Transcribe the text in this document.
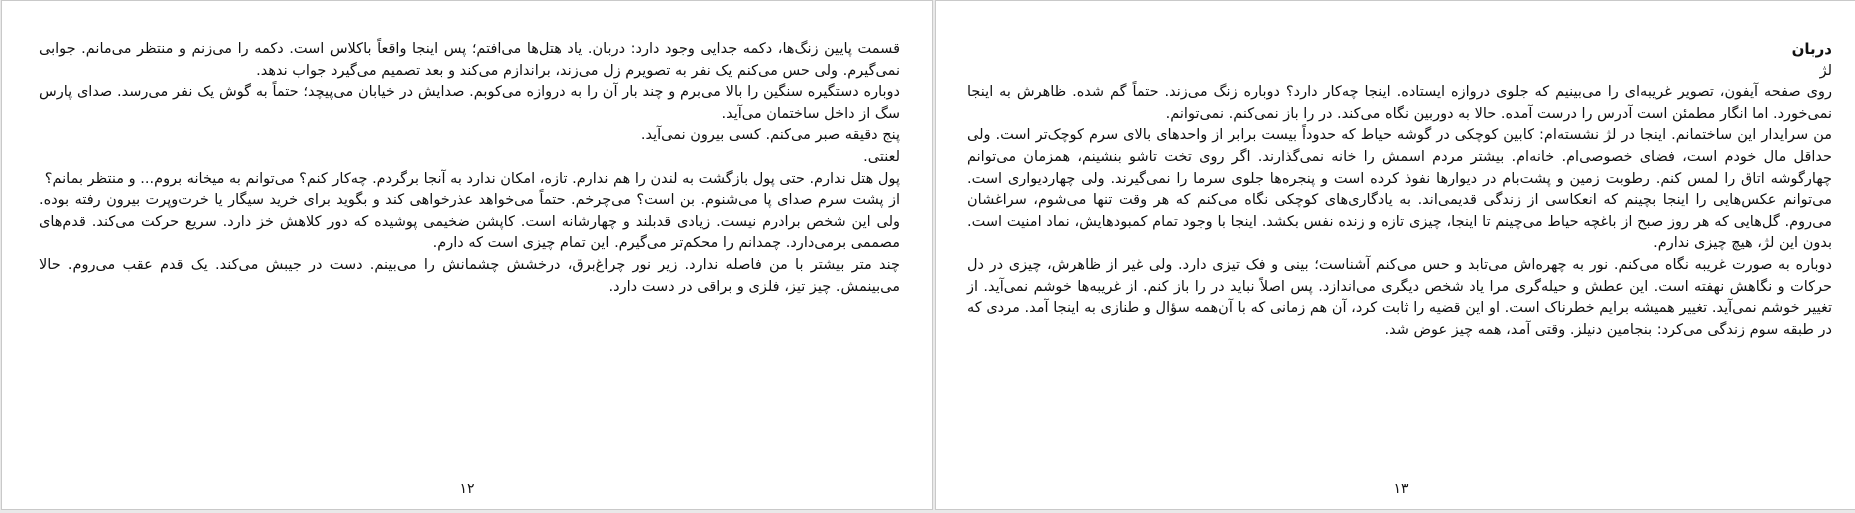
قسمت پایین زنگ‌ها، دکمه جدایی وجود دارد: دربان. یاد هتل‌ها می‌افتم؛ پس اینجا واقعاً باکلاس است. دکمه را می‌زنم و منتظر می‌مانم. جوابی نمی‌گیرم. ولی حس می‌کنم یک نفر به تصویرم زل می‌زند، براندازم می‌کند و بعد تصمیم می‌گیرد جواب ندهد.

دوباره دستگیره سنگین را بالا می‌برم و چند بار آن را به دروازه می‌کوبم. صدایش در خیابان می‌پیچد؛ حتماً به گوش یک نفر می‌رسد. صدای پارس سگ از داخل ساختمان می‌آید.

پنج دقیقه صبر می‌کنم. کسی بیرون نمی‌آید.

لعنتی.

پول هتل ندارم. حتی پول بازگشت به لندن را هم ندارم. تازه، امکان ندارد به آنجا برگردم. چه‌کار کنم؟ می‌توانم به میخانه بروم... و منتظر بمانم؟

از پشت سرم صدای پا می‌شنوم. بن است؟ می‌چرخم. حتماً می‌خواهد عذرخواهی کند و بگوید برای خرید سیگار یا خرت‌وپرت بیرون رفته بوده. ولی این شخص برادرم نیست. زیادی قدبلند و چهارشانه است. کاپشن ضخیمی پوشیده که دور کلاهش خز دارد. سریع حرکت می‌کند. قدم‌های مصممی برمی‌دارد. چمدانم را محکم‌تر می‌گیرم. این تمام چیزی است که دارم.

چند متر بیشتر با من فاصله ندارد. زیر نور چراغ‌برق، درخشش چشمانش را می‌بینم. دست در جیبش می‌کند. یک قدم عقب می‌روم. حالا می‌بینمش. چیز تیز، فلزی و براقی در دست دارد.

۱۲

دربان

لژ

روی صفحه آیفون، تصویر غریبه‌ای را می‌بینیم که جلوی دروازه ایستاده. اینجا چه‌کار دارد؟ دوباره زنگ می‌زند. حتماً گم شده. ظاهرش به اینجا نمی‌خورد. اما انگار مطمئن است آدرس را درست آمده. حالا به دوربین نگاه می‌کند. در را باز نمی‌کنم. نمی‌توانم.

من سرایدار این ساختمانم. اینجا در لژ نشسته‌ام: کابین کوچکی در گوشه حیاط که حدوداً بیست برابر از واحدهای بالای سرم کوچک‌تر است. ولی حداقل مال خودم است، فضای خصوصی‌ام. خانه‌ام. بیشتر مردم اسمش را خانه نمی‌گذارند. اگر روی تخت تاشو بنشینم، همزمان می‌توانم چهارگوشه اتاق را لمس کنم. رطوبت زمین و پشت‌بام در دیوارها نفوذ کرده است و پنجره‌ها جلوی سرما را نمی‌گیرند. ولی چهاردیواری است. می‌توانم عکس‌هایی را اینجا بچینم که انعکاسی از زندگی قدیمی‌اند. به یادگاری‌های کوچکی نگاه می‌کنم که هر وقت تنها می‌شوم، سراغشان می‌روم. گل‌هایی که هر روز صبح از باغچه حیاط می‌چینم تا اینجا، چیزی تازه و زنده نفس بکشد. اینجا با وجود تمام کمبودهایش، نماد امنیت است. بدون این لژ، هیچ چیزی ندارم.

دوباره به صورت غریبه نگاه می‌کنم. نور به چهره‌اش می‌تابد و حس می‌کنم آشناست؛ بینی و فک تیزی دارد. ولی غیر از ظاهرش، چیزی در دل حرکات و نگاهش نهفته است. این عطش و حیله‌گری مرا یاد شخص دیگری می‌اندازد. پس اصلاً نباید در را باز کنم. از غریبه‌ها خوشم نمی‌آید. از تغییر خوشم نمی‌آید. تغییر همیشه برایم خطرناک است. او این قضیه را ثابت کرد، آن هم زمانی که با آن‌همه سؤال و طنازی به اینجا آمد. مردی که در طبقه سوم زندگی می‌کرد: بنجامین دنیلز. وقتی آمد، همه چیز عوض شد.

۱۳
